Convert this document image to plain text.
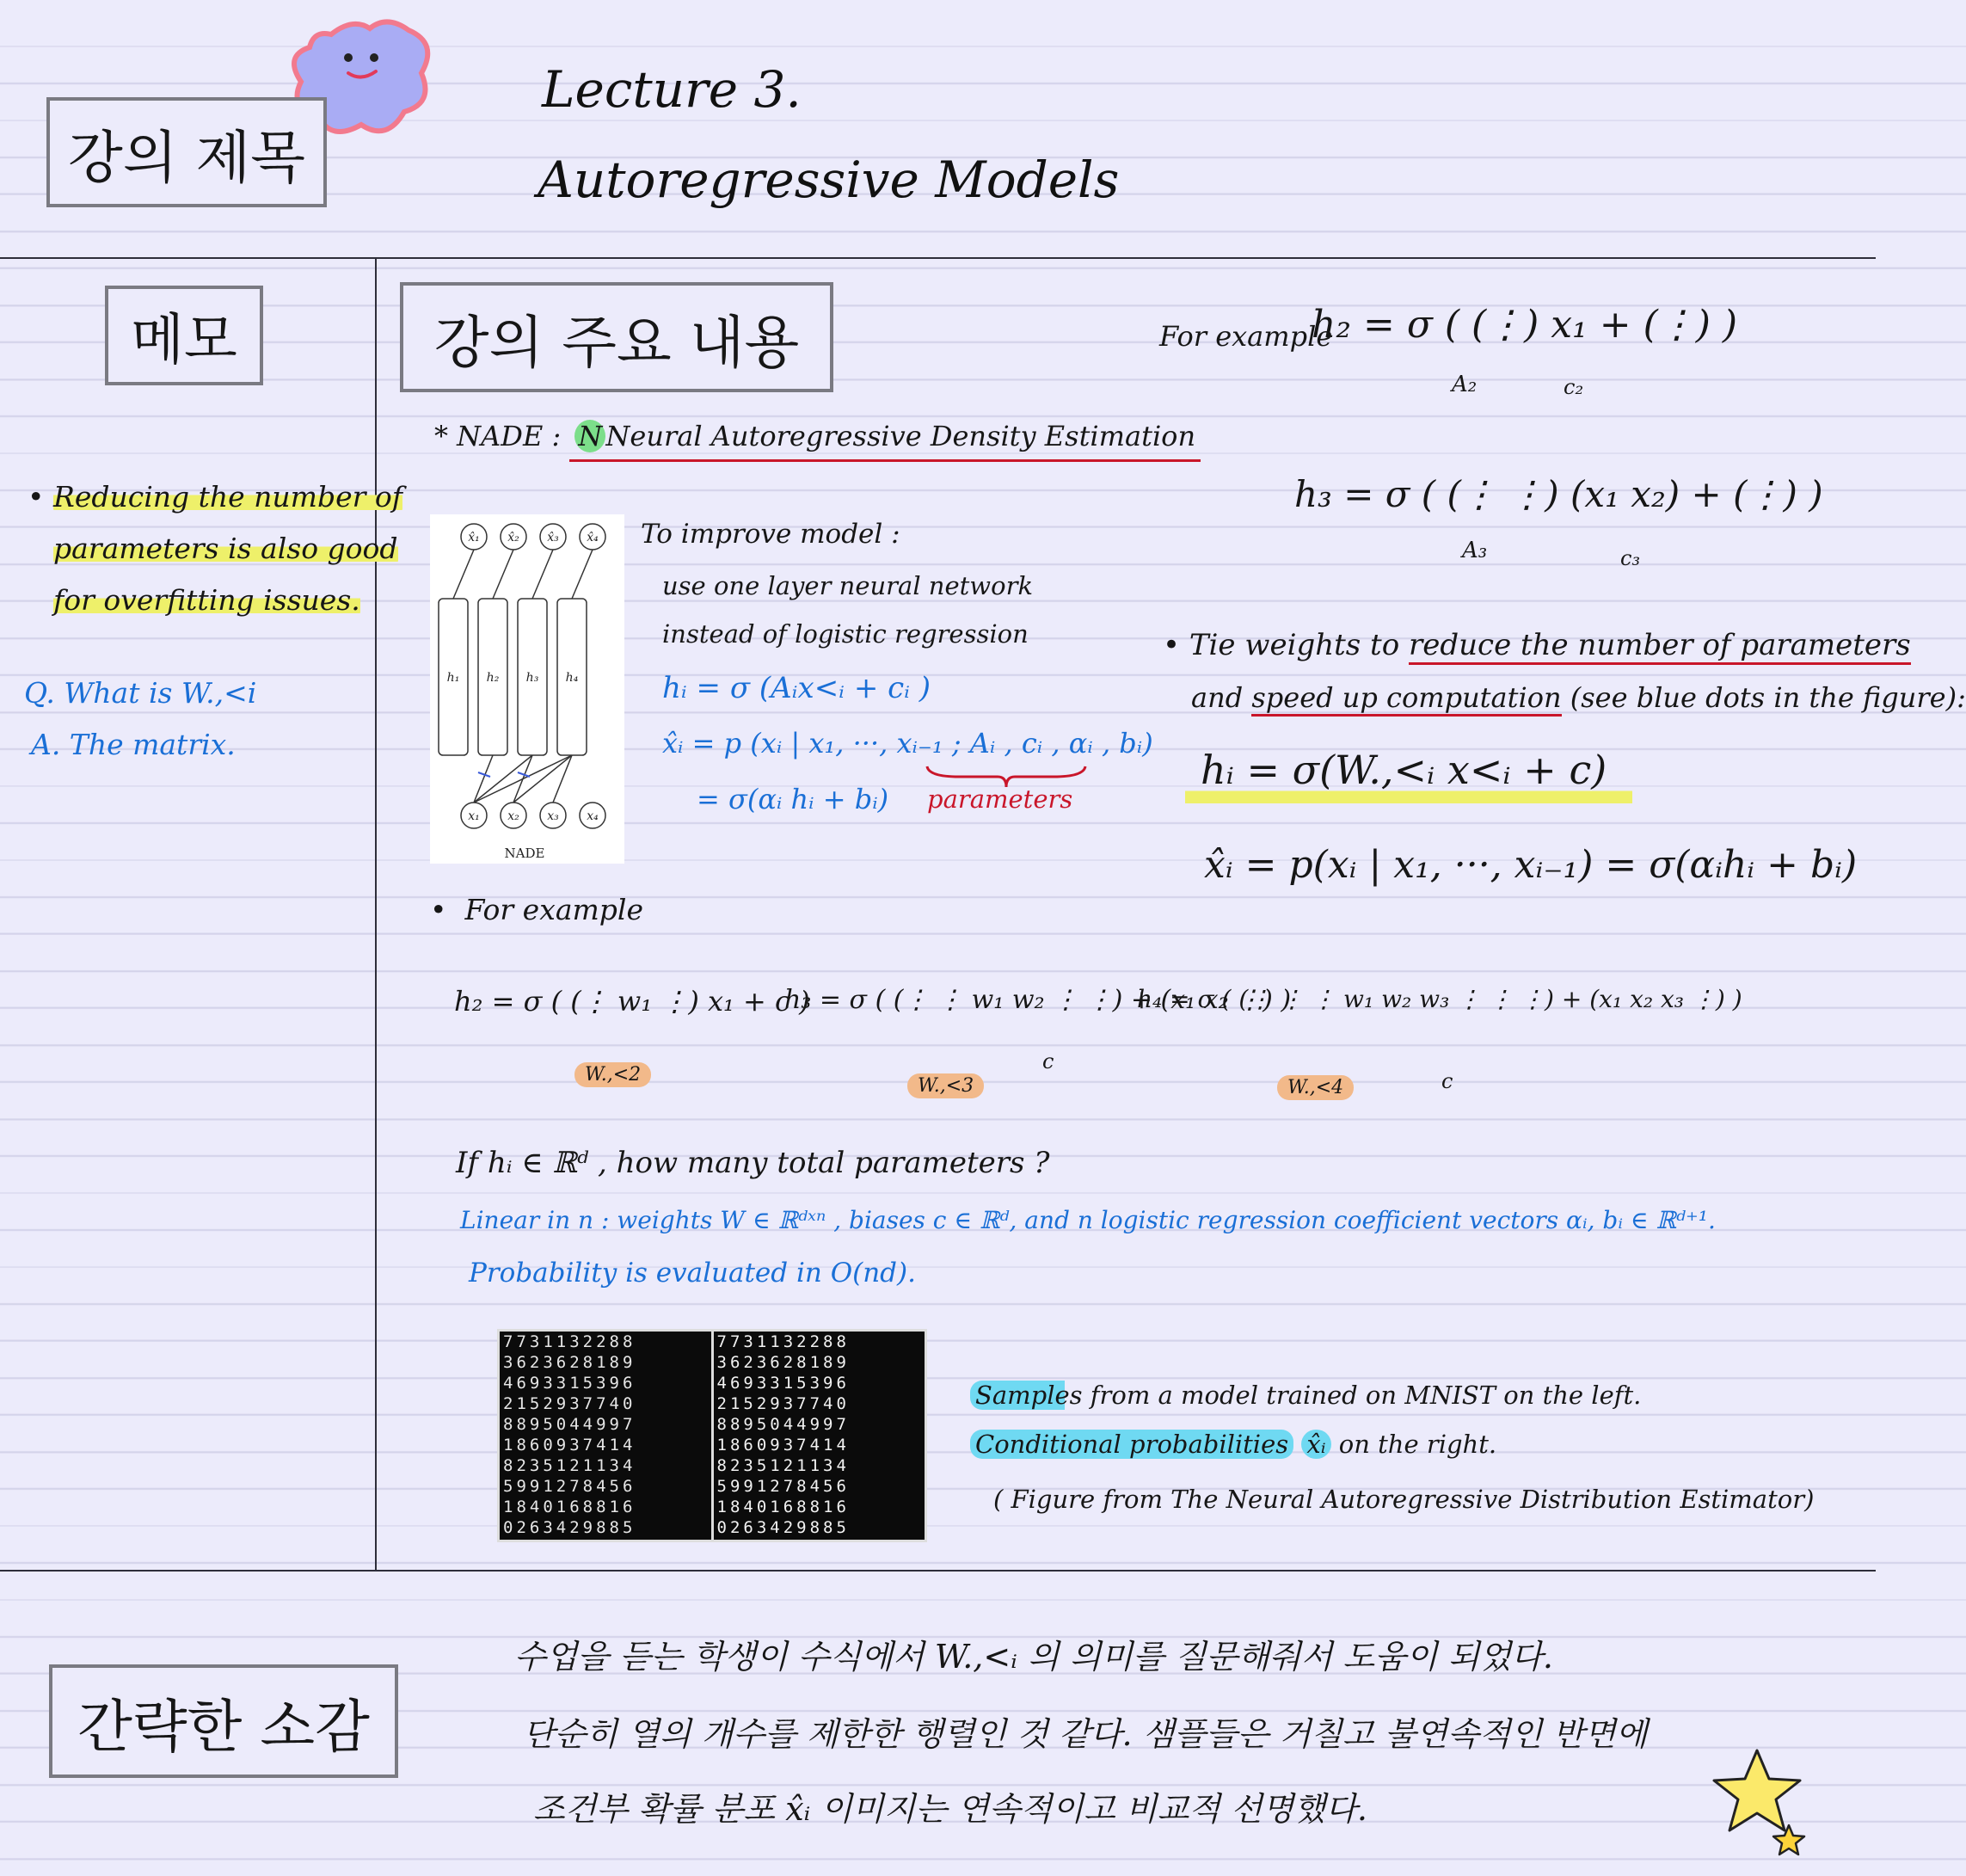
강의 제목
Lecture 3.
Autoregressive Models
메모
• Reducing the number of
parameters is also good
for overfitting issues.
Q. What is W.,<i
A. The matrix.
강의 주요 내용
* NADE : N Neural Autoregressive Density Estimation
x̂₁ x̂₂ x̂₃ x̂₄
h₁ h₂ h₃ h₄
x₁ x₂ x₃ x₄
NADE
To improve model :
use one layer neural network
instead of logistic regression
hᵢ = σ (Aᵢx<ᵢ + cᵢ )
x̂ᵢ = p (xᵢ | x₁, ···, xᵢ₋₁ ; Aᵢ , cᵢ , αᵢ , bᵢ)
parameters
= σ(αᵢ hᵢ + bᵢ)
For example
h₂ = σ ( (⋮) x₁ + (⋮) )
A₂	c₂
h₃ = σ ( (⋮ ⋮) (x₁ x₂) + (⋮) )
A₃	c₃
• Tie weights to reduce the number of parameters
and speed up computation (see blue dots in the figure):
hᵢ = σ(W.,<ᵢ x<ᵢ + c)
x̂ᵢ = p(xᵢ | x₁, ···, xᵢ₋₁) = σ(αᵢhᵢ + bᵢ)
•  For example
h₂ = σ ( (⋮ w₁ ⋮) x₁ + c )
W.,<2
h₃ = σ ( (⋮ ⋮ w₁ w₂ ⋮ ⋮) + (x₁ x₂ ⋮) )
W.,<3
c
h₄ = σ ( (⋮ ⋮ ⋮ w₁ w₂ w₃ ⋮ ⋮ ⋮) + (x₁ x₂ x₃ ⋮) )
W.,<4	c
If hᵢ ∈ ℝᵈ , how many total parameters ?
Linear in n : weights W ∈ ℝᵈˣⁿ , biases c ∈ ℝᵈ, and n logistic regression coefficient vectors αᵢ, bᵢ ∈ ℝᵈ⁺¹.
Probability is evaluated in O(nd).
7731132288
3623628189
4693315396
2152937740
8895044997
1860937414
8235121134
5991278456
1840168816
0263429885
7731132288
3623628189
4693315396
2152937740
8895044997
1860937414
8235121134
5991278456
1840168816
0263429885
Samples from a model trained on MNIST on the left.
Conditional probabilities x̂ᵢ on the right.
( Figure from The Neural Autoregressive Distribution Estimator)
간략한 소감
수업을 듣는 학생이 수식에서 W.,<ᵢ 의 의미를 질문해줘서 도움이 되었다.
단순히 열의 개수를 제한한 행렬인 것 같다. 샘플들은 거칠고 불연속적인 반면에
조건부 확률 분포 x̂ᵢ 이미지는 연속적이고 비교적 선명했다.
